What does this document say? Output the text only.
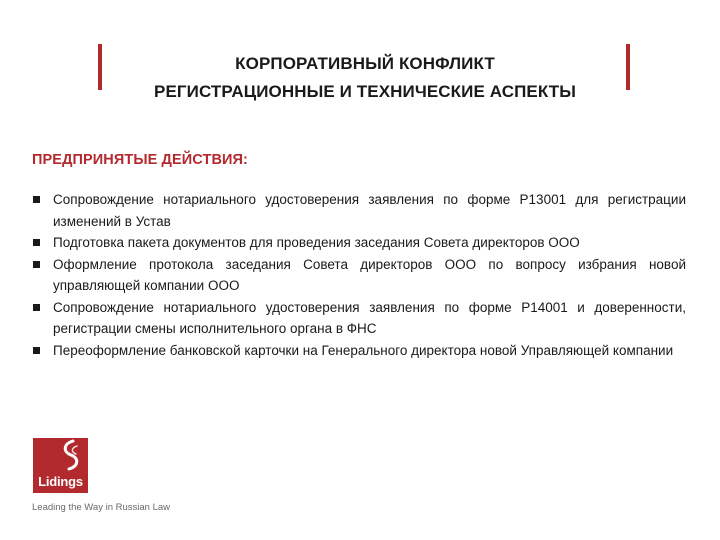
КОРПОРАТИВНЫЙ КОНФЛИКТ
РЕГИСТРАЦИОННЫЕ И ТЕХНИЧЕСКИЕ АСПЕКТЫ
ПРЕДПРИНЯТЫЕ ДЕЙСТВИЯ:
Сопровождение нотариального удостоверения заявления по форме Р13001 для регистрации изменений в Устав
Подготовка пакета документов для проведения заседания Совета директоров ООО
Оформление протокола заседания Совета директоров ООО по вопросу избрания новой управляющей компании ООО
Сопровождение нотариального удостоверения заявления по форме Р14001 и доверенности, регистрации смены исполнительного органа в ФНС
Переоформление банковской карточки на Генерального директора новой Управляющей компании
Lidings
Leading the Way in Russian Law
